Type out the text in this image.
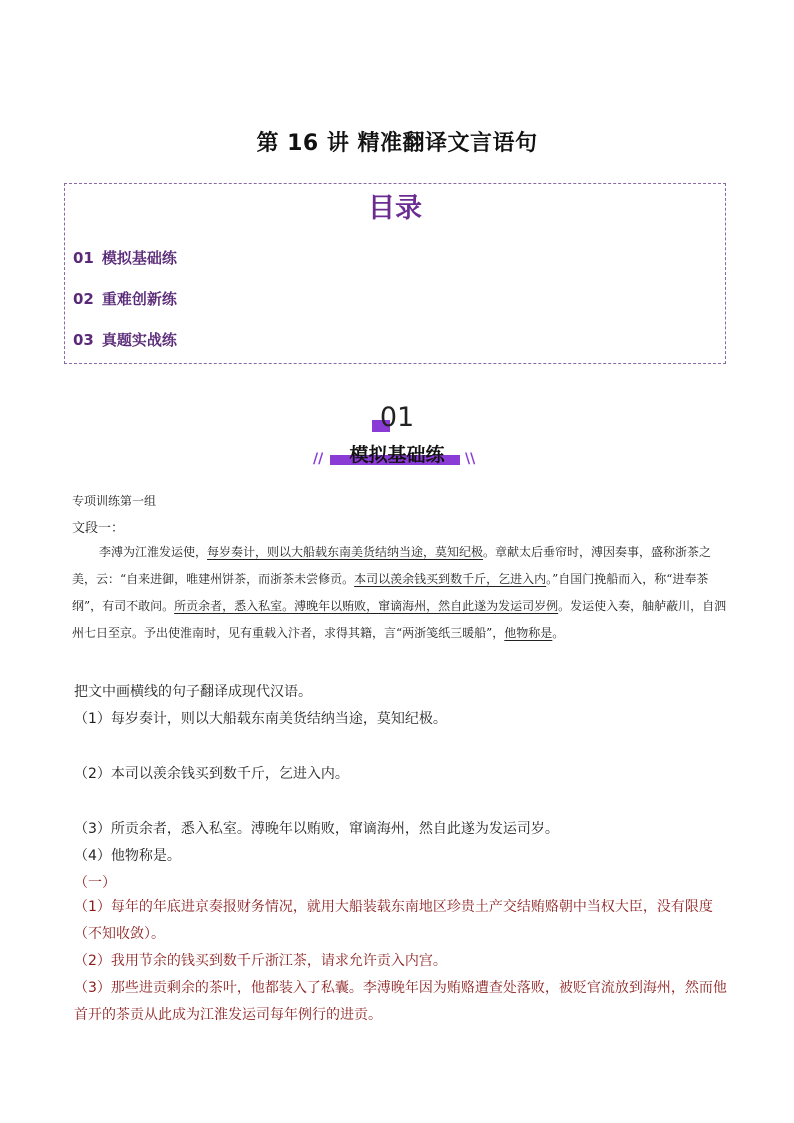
第 16 讲 精准翻译文言语句
目录
01 模拟基础练
02 重难创新练
03 真题实战练
01
//	模拟基础练	\\
专项训练第一组
文段一：
李溥为江淮发运使，每岁奏计，则以大船载东南美货结纳当途，莫知纪极。章献太后垂帘时，溥因奏事，盛称浙茶之美，云：“自来进御，唯建州饼茶，而浙茶未尝修贡。本司以羡余钱买到数千斤，乞进入内。”自国门挽船而入，称“进奉茶纲”，有司不敢问。所贡余者，悉入私室。溥晚年以贿败，窜谪海州，然自此遂为发运司岁例。发运使入奏，舳舻蔽川，自泗州七日至京。予出使淮南时，见有重载入汴者，求得其籍，言“两浙笺纸三暖船”，他物称是。
把文中画横线的句子翻译成现代汉语。
（1）每岁奏计，则以大船载东南美货结纳当途，莫知纪极。
（2）本司以羡余钱买到数千斤，乞进入内。
（3）所贡余者，悉入私室。溥晚年以贿败，窜谪海州，然自此遂为发运司岁。
（4）他物称是。
（一）
（1）每年的年底进京奏报财务情况，就用大船装载东南地区珍贵土产交结贿赂朝中当权大臣，没有限度（不知收敛）。
（2）我用节余的钱买到数千斤浙江茶，请求允许贡入内宫。
（3）那些进贡剩余的茶叶，他都装入了私囊。李溥晚年因为贿赂遭查处落败，被贬官流放到海州，然而他首开的茶贡从此成为江淮发运司每年例行的进贡。
